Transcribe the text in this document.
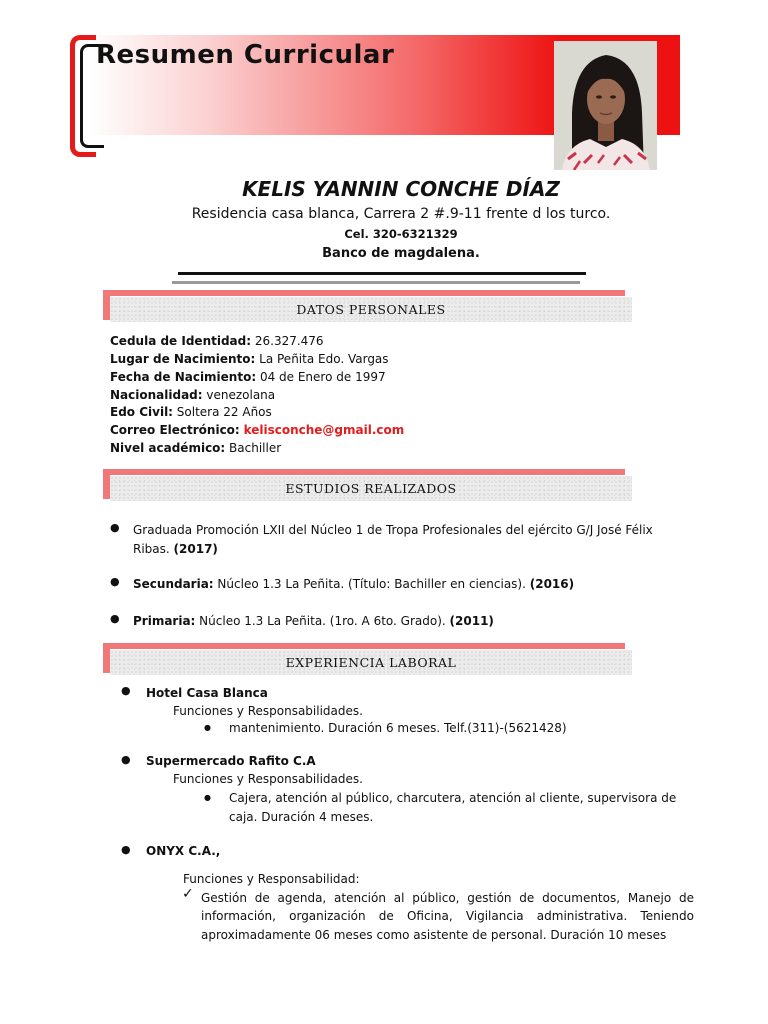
Resumen Curricular
KELIS YANNIN CONCHE DÍAZ
Residencia casa blanca, Carrera 2 #.9-11 frente d los turco.
Cel. 320-6321329
Banco de magdalena.
DATOS PERSONALES
Cedula de Identidad: 26.327.476
Lugar de Nacimiento: La Peñita Edo. Vargas
Fecha de Nacimiento: 04 de Enero de 1997
Nacionalidad: venezolana
Edo Civil: Soltera 22 Años
Correo Electrónico: kelisconche@gmail.com
Nivel académico: Bachiller
ESTUDIOS REALIZADOS
● Graduada Promoción LXII del Núcleo 1 de Tropa Profesionales del ejército G/J José Félix
Ribas. (2017)
● Secundaria: Núcleo 1.3 La Peñita. (Título: Bachiller en ciencias). (2016)
● Primaria: Núcleo 1.3 La Peñita. (1ro. A 6to. Grado). (2011)
EXPERIENCIA LABORAL
● Hotel Casa Blanca
Funciones y Responsabilidades.
● mantenimiento. Duración 6 meses. Telf.(311)-(5621428)
● Supermercado Rafito C.A
Funciones y Responsabilidades.
● Cajera, atención al público, charcutera, atención al cliente, supervisora de
caja. Duración 4 meses.
● ONYX C.A.,
Funciones y Responsabilidad:
✓ Gestión de agenda, atención al público, gestión de documentos, Manejo de
información, organización de Oficina, Vigilancia administrativa. Teniendo
aproximadamente 06 meses como asistente de personal. Duración 10 meses
